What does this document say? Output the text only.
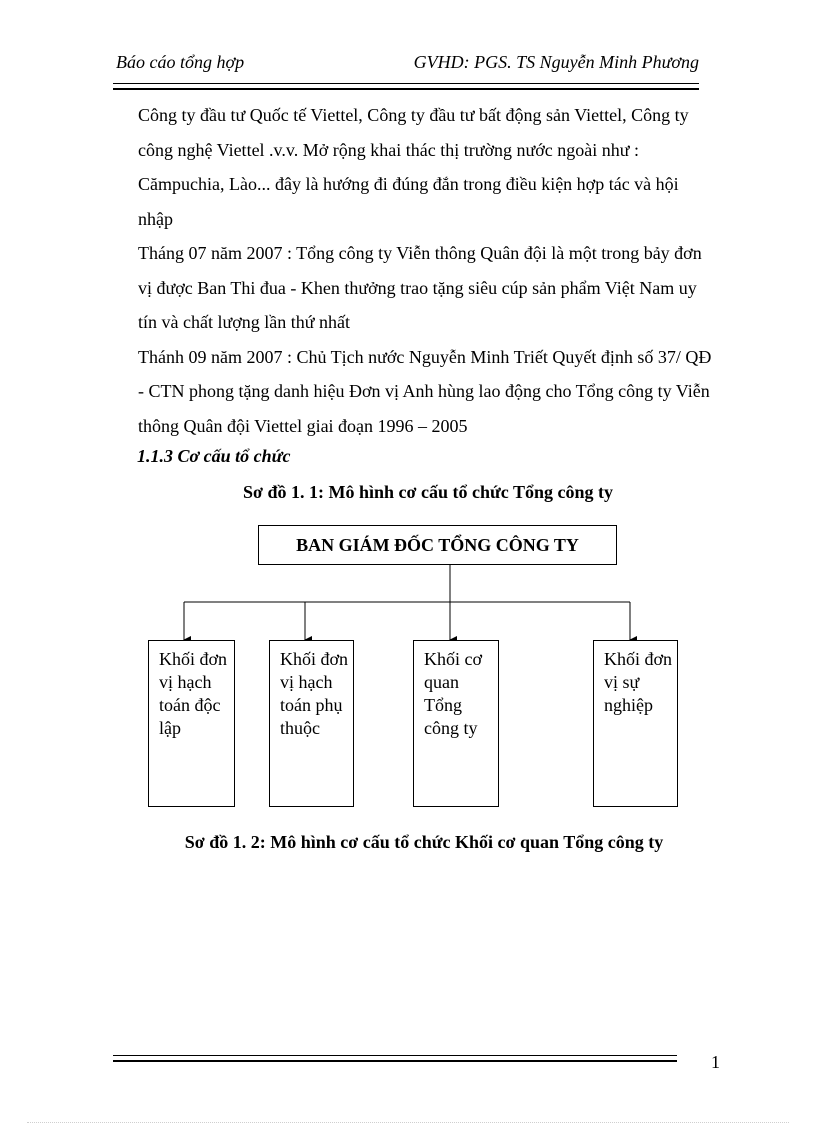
Báo cáo tổng hợp	GVHD: PGS. TS Nguyễn Minh Phương

Công ty đầu tư Quốc tế Viettel, Công ty đầu tư bất động sản Viettel, Công ty công nghệ Viettel .v.v. Mở rộng khai thác thị trường nước ngoài như : Cămpuchia, Lào... đây là hướng đi đúng đắn trong điều kiện hợp tác và hội nhập

Tháng 07 năm 2007 : Tổng công ty Viễn thông Quân đội là một trong bảy đơn vị được Ban Thi đua - Khen thưởng trao tặng siêu cúp sản phẩm Việt Nam uy tín và chất lượng lần thứ nhất

Thánh 09 năm 2007 : Chủ Tịch nước Nguyễn Minh Triết Quyết định số 37/ QĐ - CTN phong tặng danh hiệu Đơn vị Anh hùng lao động cho Tổng công ty Viễn thông Quân đội Viettel giai đoạn 1996 – 2005

1.1.3 Cơ cấu tổ chức
Sơ đồ 1. 1: Mô hình cơ cấu tổ chức Tổng công ty
BAN GIÁM ĐỐC TỔNG CÔNG TY
Khối đơn vị hạch toán độc lập
Khối đơn vị hạch toán phụ thuộc
Khối cơ quan Tổng công ty
Khối đơn vị sự nghiệp
Sơ đồ 1. 2: Mô hình cơ cấu tổ chức Khối cơ quan Tổng công ty
1
